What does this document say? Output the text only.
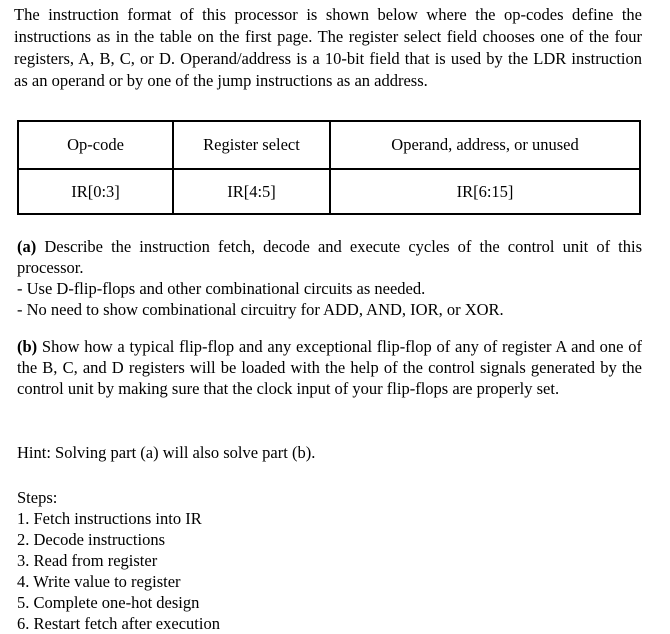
The instruction format of this processor is shown below where the op-codes define the instructions as in the table on the first page. The register select field chooses one of the four registers, A, B, C, or D. Operand/address is a 10-bit field that is used by the LDR instruction as an operand or by one of the jump instructions as an address.

Op-code	Register select	Operand, address, or unused
IR[0:3]	IR[4:5]	IR[6:15]

(a) Describe the instruction fetch, decode and execute cycles of the control unit of this processor.

- Use D-flip-flops and other combinational circuits as needed.
- No need to show combinational circuitry for ADD, AND, IOR, or XOR.

(b) Show how a typical flip-flop and any exceptional flip-flop of any of register A and one of the B, C, and D registers will be loaded with the help of the control signals generated by the control unit by making sure that the clock input of your flip-flops are properly set.

Hint: Solving part (a) will also solve part (b).

Steps:
1. Fetch instructions into IR
2. Decode instructions
3. Read from register
4. Write value to register
5. Complete one-hot design
6. Restart fetch after execution
